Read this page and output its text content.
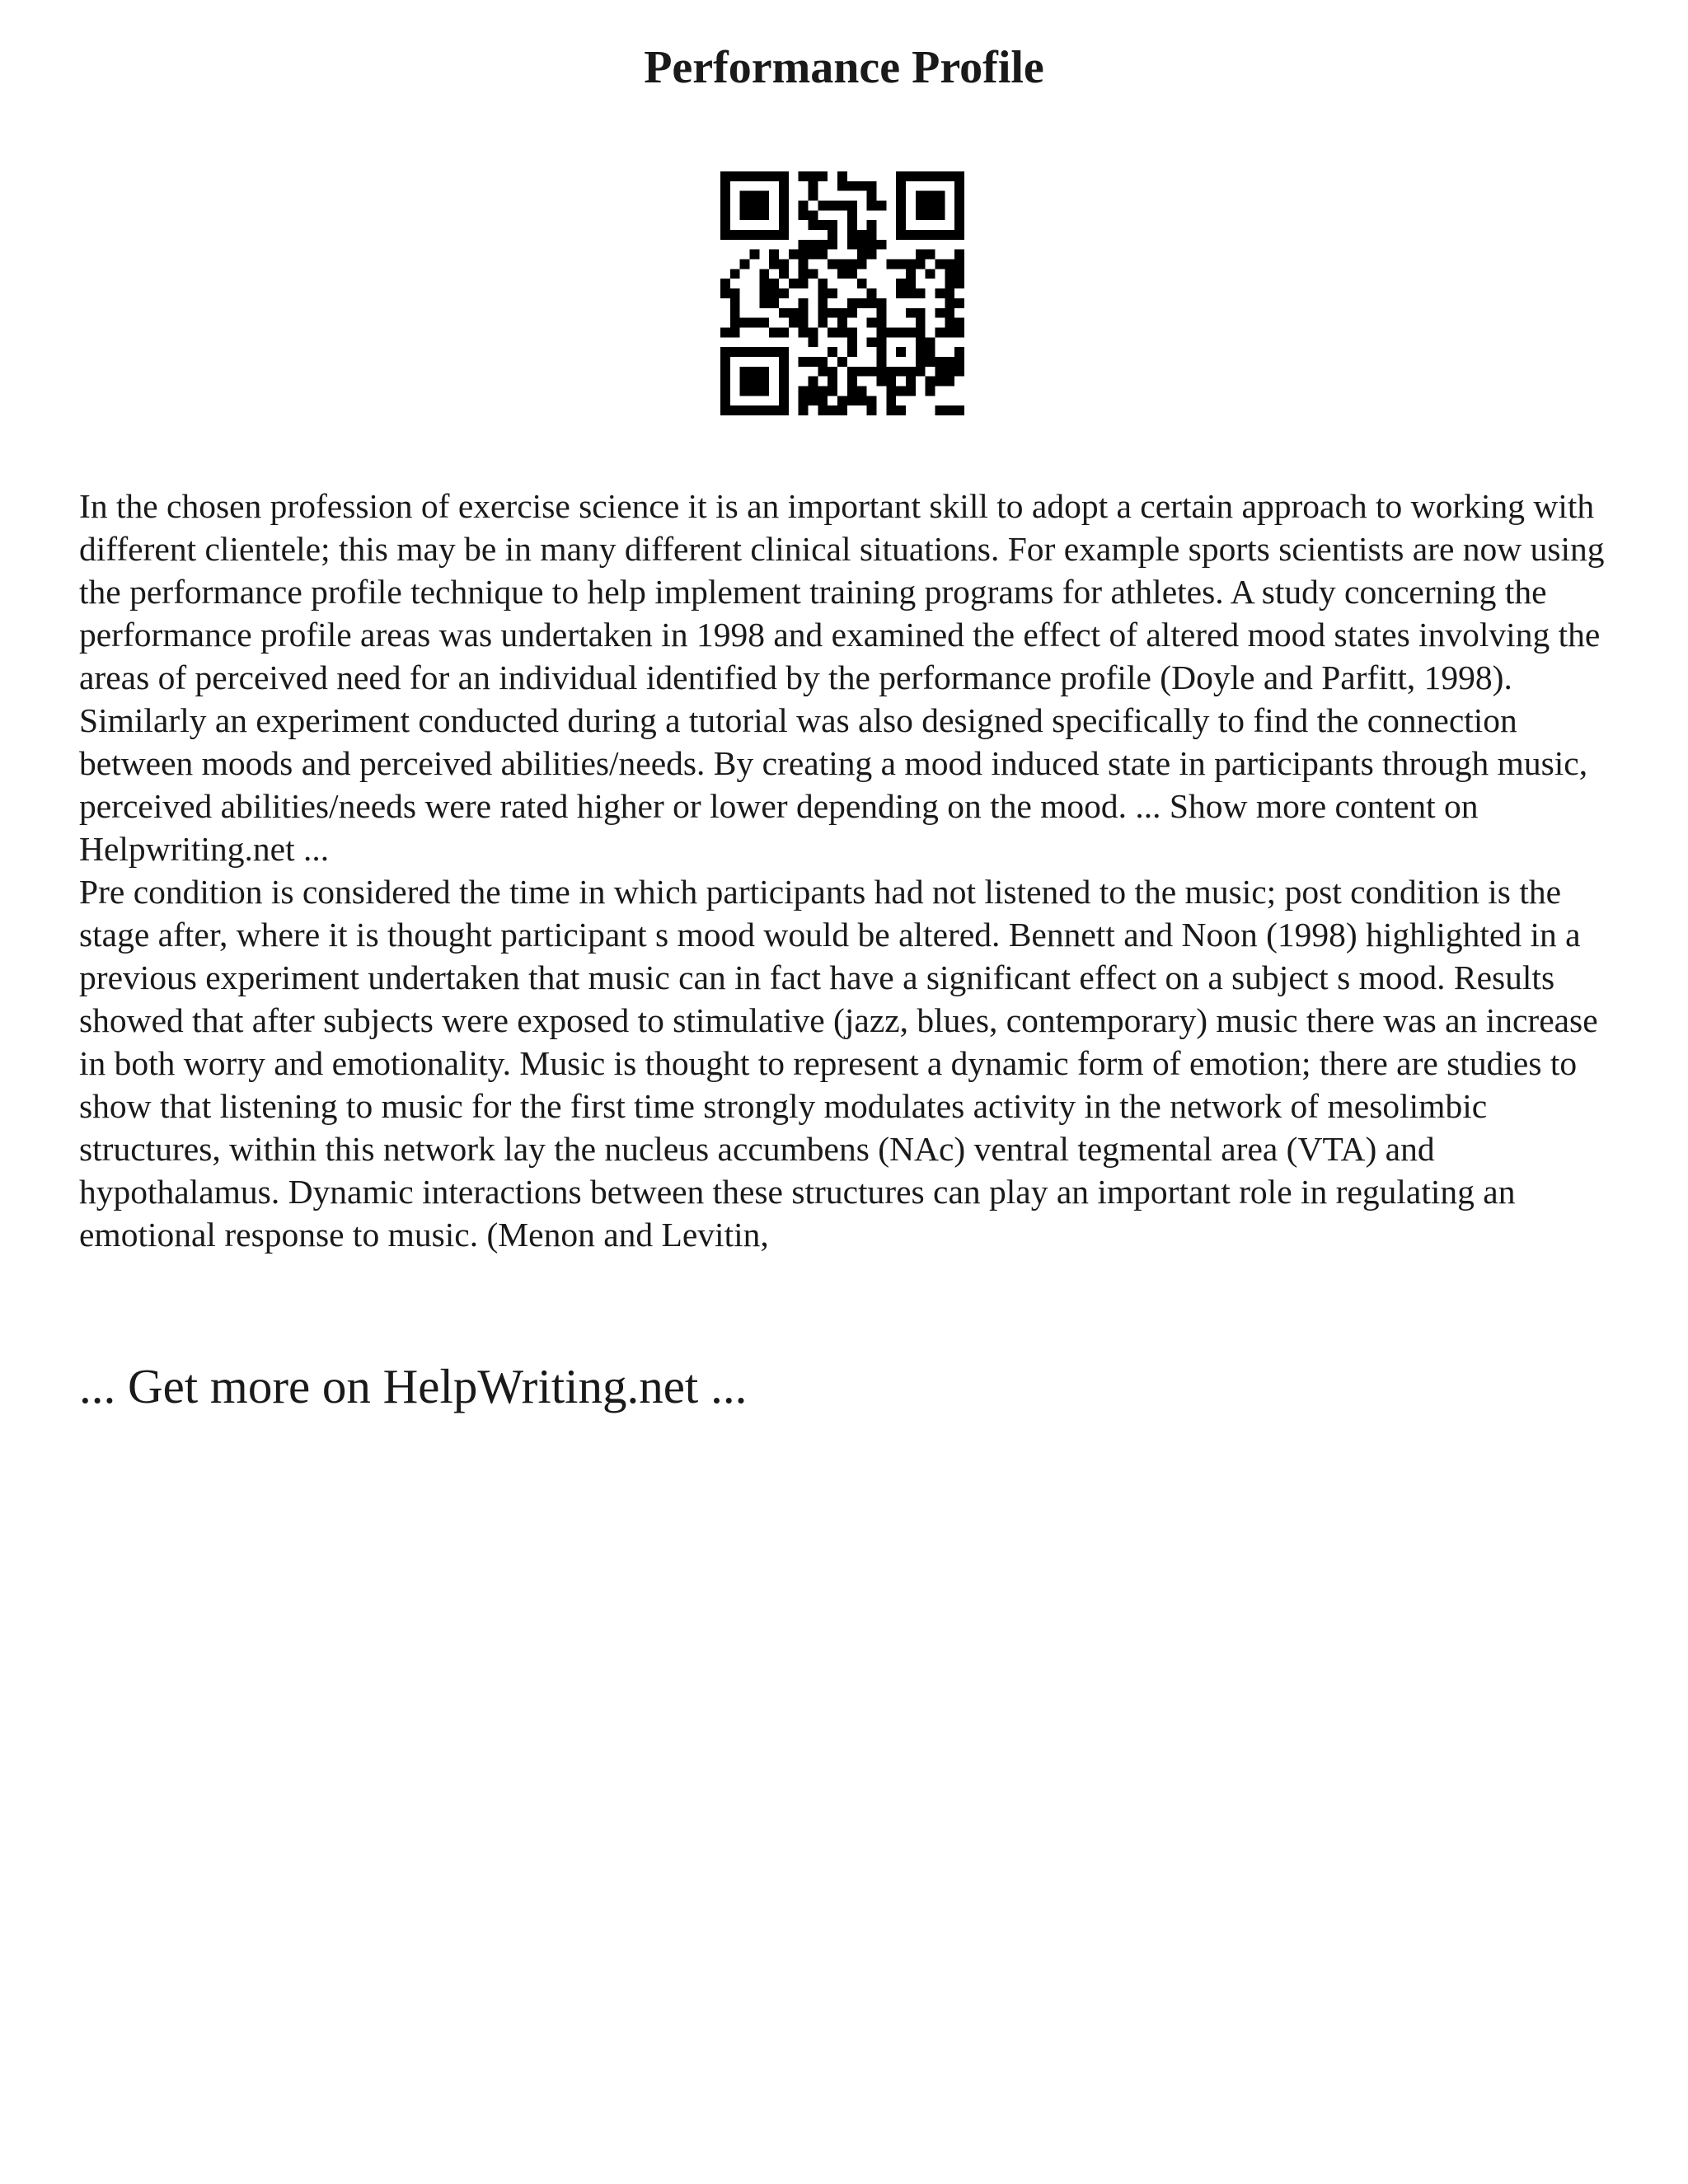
Performance Profile

In the chosen profession of exercise science it is an important skill to adopt a certain approach to working with different clientele; this may be in many different clinical situations. For example sports scientists are now using the performance profile technique to help implement training programs for athletes. A study concerning the performance profile areas was undertaken in 1998 and examined the effect of altered mood states involving the areas of perceived need for an individual identified by the performance profile (Doyle and Parfitt, 1998). Similarly an experiment conducted during a tutorial was also designed specifically to find the connection between moods and perceived abilities/needs. By creating a mood induced state in participants through music, perceived abilities/needs were rated higher or lower depending on the mood. ... Show more content on Helpwriting.net ...

Pre condition is considered the time in which participants had not listened to the music; post condition is the stage after, where it is thought participant s mood would be altered. Bennett and Noon (1998) highlighted in a previous experiment undertaken that music can in fact have a significant effect on a subject s mood. Results showed that after subjects were exposed to stimulative (jazz, blues, contemporary) music there was an increase in both worry and emotionality. Music is thought to represent a dynamic form of emotion; there are studies to show that listening to music for the first time strongly modulates activity in the network of mesolimbic structures, within this network lay the nucleus accumbens (NAc) ventral tegmental area (VTA) and hypothalamus. Dynamic interactions between these structures can play an important role in regulating an emotional response to music. (Menon and Levitin,

... Get more on HelpWriting.net ...
